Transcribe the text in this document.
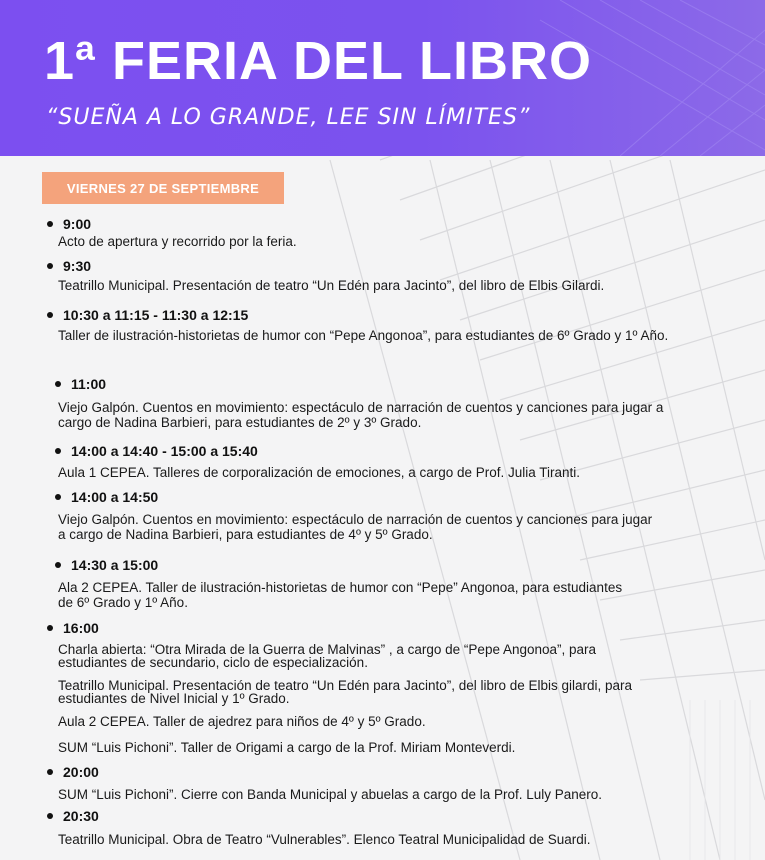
1ª FERIA DEL LIBRO
“SUEÑA A LO GRANDE, LEE SIN LÍMITES”
VIERNES 27 DE SEPTIEMBRE
9:00
Acto de apertura y recorrido por la feria.
9:30
Teatrillo Municipal. Presentación de teatro “Un Edén para Jacinto”, del libro de Elbis Gilardi.
10:30 a 11:15 - 11:30 a 12:15
Taller de ilustración-historietas de humor con “Pepe Angonoa”, para estudiantes de 6º Grado y 1º Año.
11:00
Viejo Galpón. Cuentos en movimiento: espectáculo de narración de cuentos y canciones para jugar a cargo de Nadina Barbieri, para estudiantes de 2º y 3º Grado.
14:00 a 14:40 - 15:00 a 15:40
Aula 1 CEPEA. Talleres de corporalización de emociones, a cargo de Prof. Julia Tiranti.
14:00 a 14:50
Viejo Galpón. Cuentos en movimiento: espectáculo de narración de cuentos y canciones para jugar a cargo de Nadina Barbieri, para estudiantes de 4º y 5º Grado.
14:30 a 15:00
Ala 2 CEPEA. Taller de ilustración-historietas de humor con “Pepe” Angonoa, para estudiantes de 6º Grado y 1º Año.
16:00
Charla abierta: “Otra Mirada de la Guerra de Malvinas” , a cargo de “Pepe Angonoa”, para estudiantes de secundario, ciclo de especialización.
Teatrillo Municipal. Presentación de teatro “Un Edén para Jacinto”, del libro de Elbis gilardi, para estudiantes de Nivel Inicial y 1º Grado.
Aula 2 CEPEA. Taller de ajedrez para niños de 4º y 5º Grado.
SUM “Luis Pichoni”. Taller de Origami a cargo de la Prof. Miriam Monteverdi.
20:00
SUM “Luis Pichoni”. Cierre con Banda Municipal y abuelas a cargo de la Prof. Luly Panero.
20:30
Teatrillo Municipal. Obra de Teatro “Vulnerables”. Elenco Teatral Municipalidad de Suardi.
